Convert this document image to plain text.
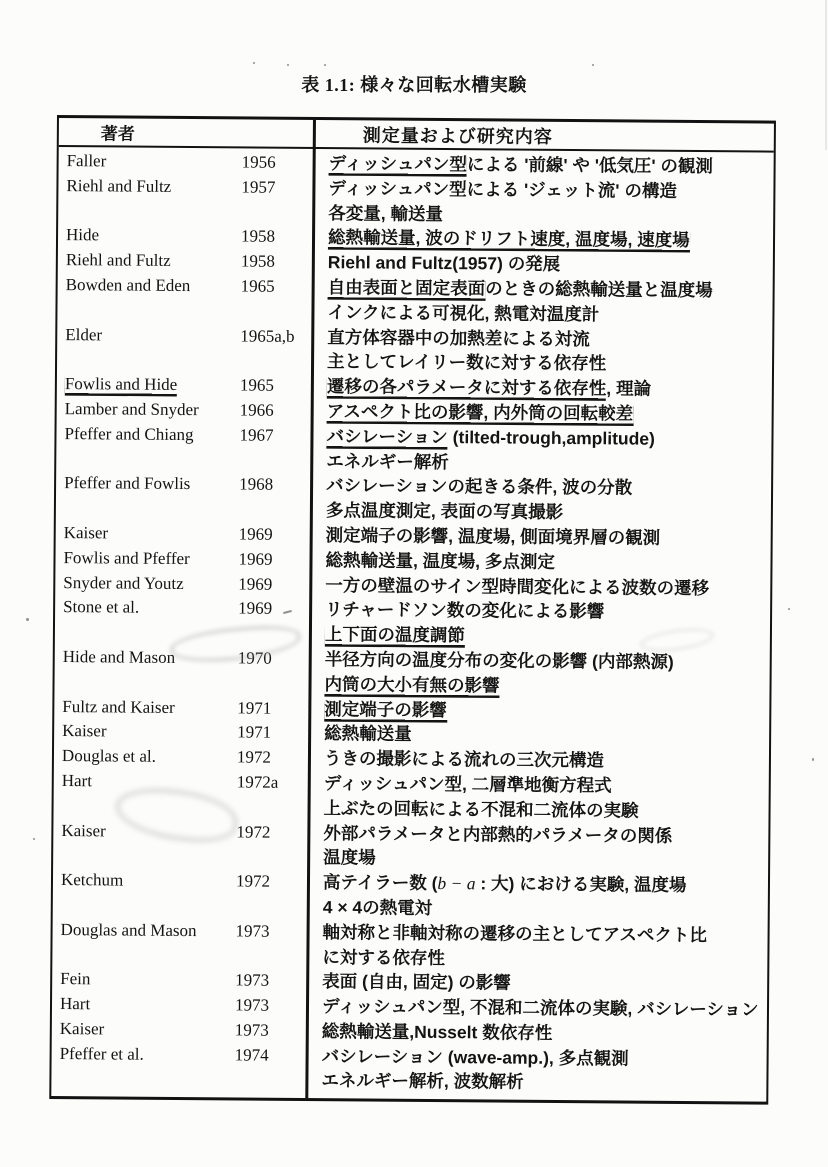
表 1.1: 様々な回転水槽実験
著者	測定量および研究内容
Faller	1956	ディッシュパン型による '前線' や '低気圧' の観測
Riehl and Fultz	1957	ディッシュパン型による 'ジェット流' の構造
各変量, 輸送量
Hide	1958	総熱輸送量, 波のドリフト速度, 温度場, 速度場
Riehl and Fultz	1958	Riehl and Fultz(1957) の発展
Bowden and Eden	1965	自由表面と固定表面のときの総熱輸送量と温度場
インクによる可視化, 熱電対温度計
Elder	1965a,b 直方体容器中の加熱差による対流
主としてレイリー数に対する依存性
Fowlis and Hide	1965	遷移の各パラメータに対する依存性, 理論
Lamber and Snyder 1966	アスペクト比の影響, 内外筒の回転較差
Pfeffer and Chiang	1967	バシレーション (tilted-trough,amplitude)
エネルギー解析
Pfeffer and Fowlis	1968	バシレーションの起きる条件, 波の分散
多点温度測定, 表面の写真撮影
Kaiser	1969	測定端子の影響, 温度場, 側面境界層の観測
Fowlis and Pfeffer	1969	総熱輸送量, 温度場, 多点測定
Snyder and Youtz	1969	一方の壁温のサイン型時間変化による波数の遷移
Stone et al.	1969	リチャードソン数の変化による影響
上下面の温度調節
Hide and Mason	1970	半径方向の温度分布の変化の影響 (内部熱源)
内筒の大小有無の影響
Fultz and Kaiser	1971	測定端子の影響
Kaiser	1971	総熱輸送量
Douglas et al.	1972	うきの撮影による流れの三次元構造
Hart	1972a	ディッシュパン型, 二層準地衡方程式
上ぶたの回転による不混和二流体の実験
Kaiser	1972	外部パラメータと内部熱的パラメータの関係
温度場
Ketchum	1972	高テイラー数 (b − a : 大) における実験, 温度場
4 × 4の熱電対
Douglas and Mason 1973	軸対称と非軸対称の遷移の主としてアスペクト比
に対する依存性
Fein	1973	表面 (自由, 固定) の影響
Hart	1973	ディッシュパン型, 不混和二流体の実験, バシレーション
Kaiser	1973	総熱輸送量,Nusselt 数依存性
Pfeffer et al.	1974	バシレーション (wave-amp.), 多点観測
エネルギー解析, 波数解析
